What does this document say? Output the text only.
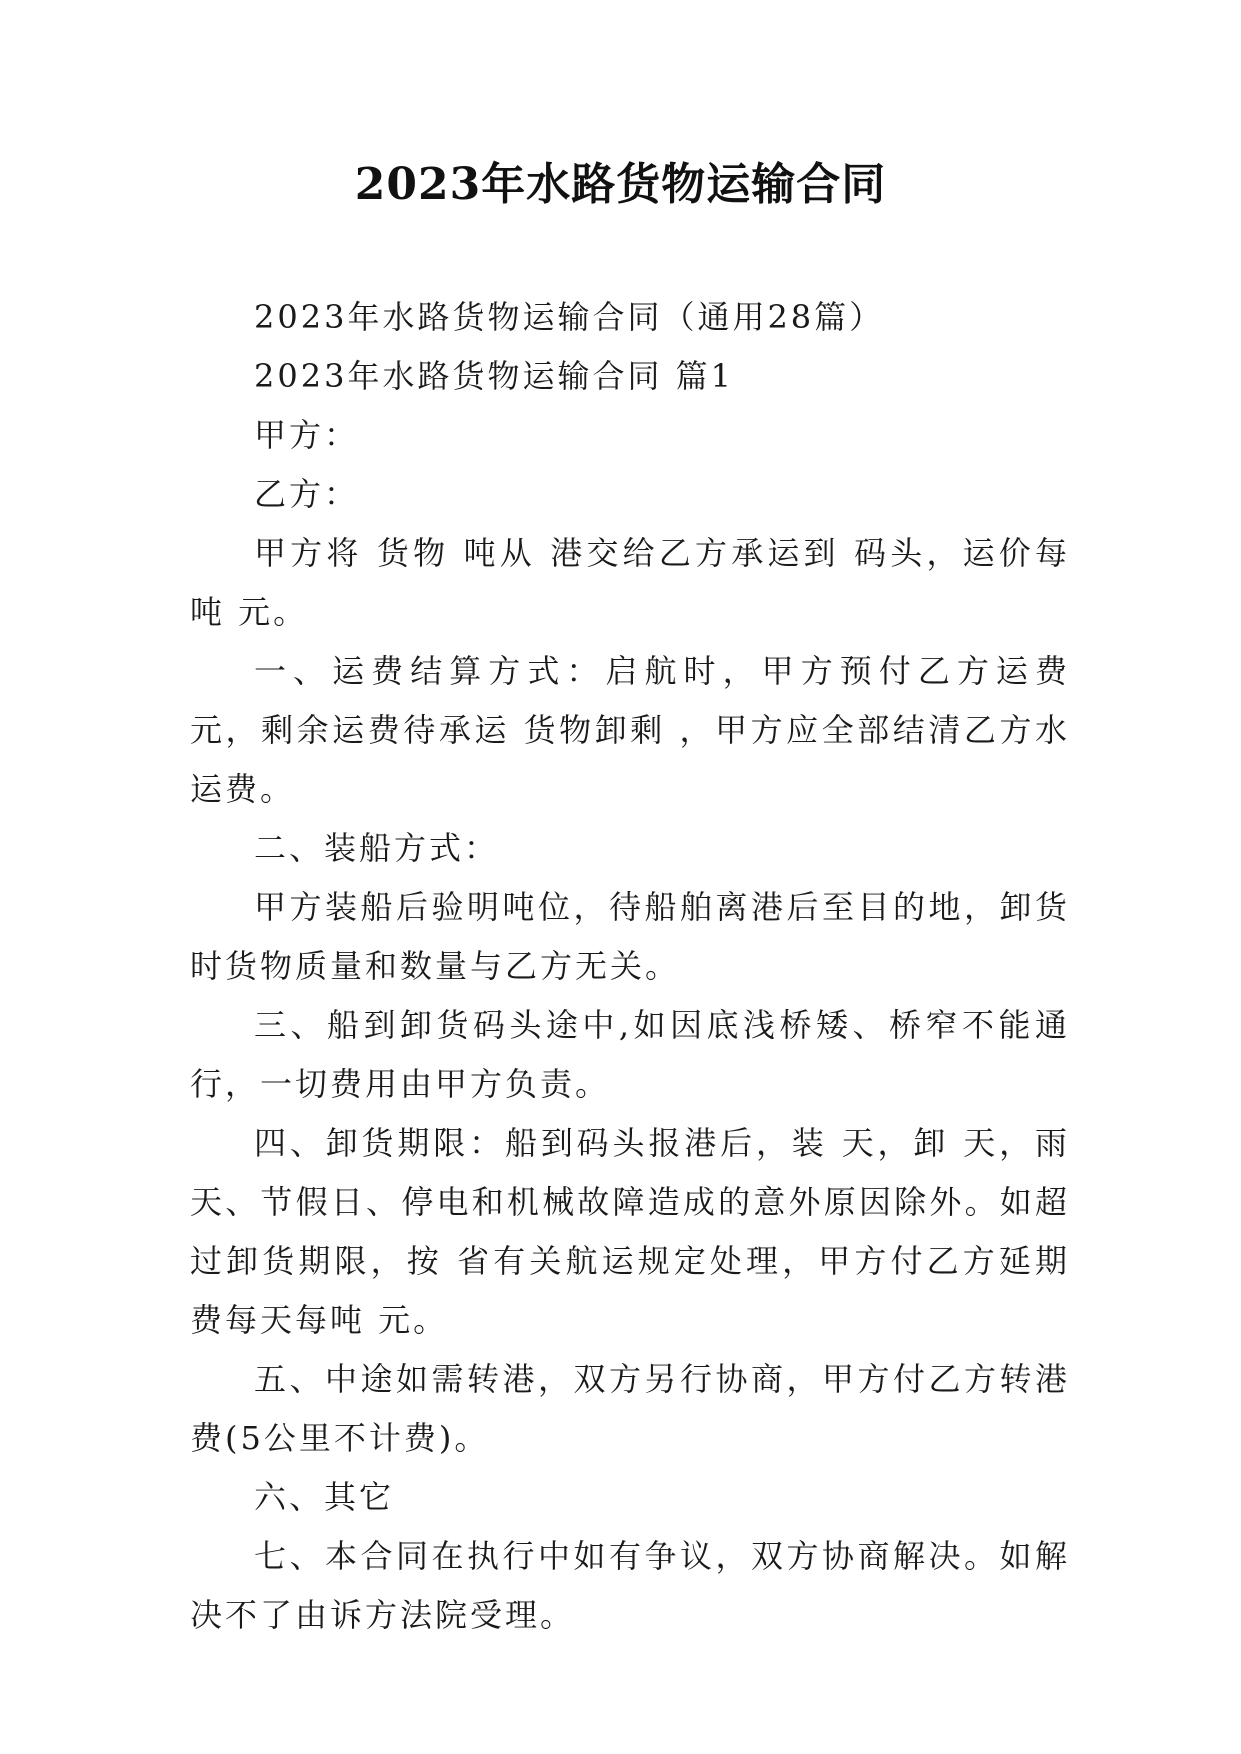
2023年水路货物运输合同

2023年水路货物运输合同（通用28篇）

2023年水路货物运输合同 篇1

甲方：

乙方：

甲方将 货物 吨从 港交给乙方承运到 码头，运价每吨 元。

一、运费结算方式：启航时，甲方预付乙方运费 元，剩余运费待承运 货物卸剩 ，甲方应全部结清乙方水运费。

二、装船方式：

甲方装船后验明吨位，待船舶离港后至目的地，卸货时货物质量和数量与乙方无关。

三、船到卸货码头途中,如因底浅桥矮、桥窄不能通行，一切费用由甲方负责。

四、卸货期限：船到码头报港后，装 天，卸 天，雨天、节假日、停电和机械故障造成的意外原因除外。如超过卸货期限，按 省有关航运规定处理，甲方付乙方延期费每天每吨 元。

五、中途如需转港，双方另行协商，甲方付乙方转港费(5公里不计费)。

六、其它

七、本合同在执行中如有争议，双方协商解决。如解决不了由诉方法院受理。
